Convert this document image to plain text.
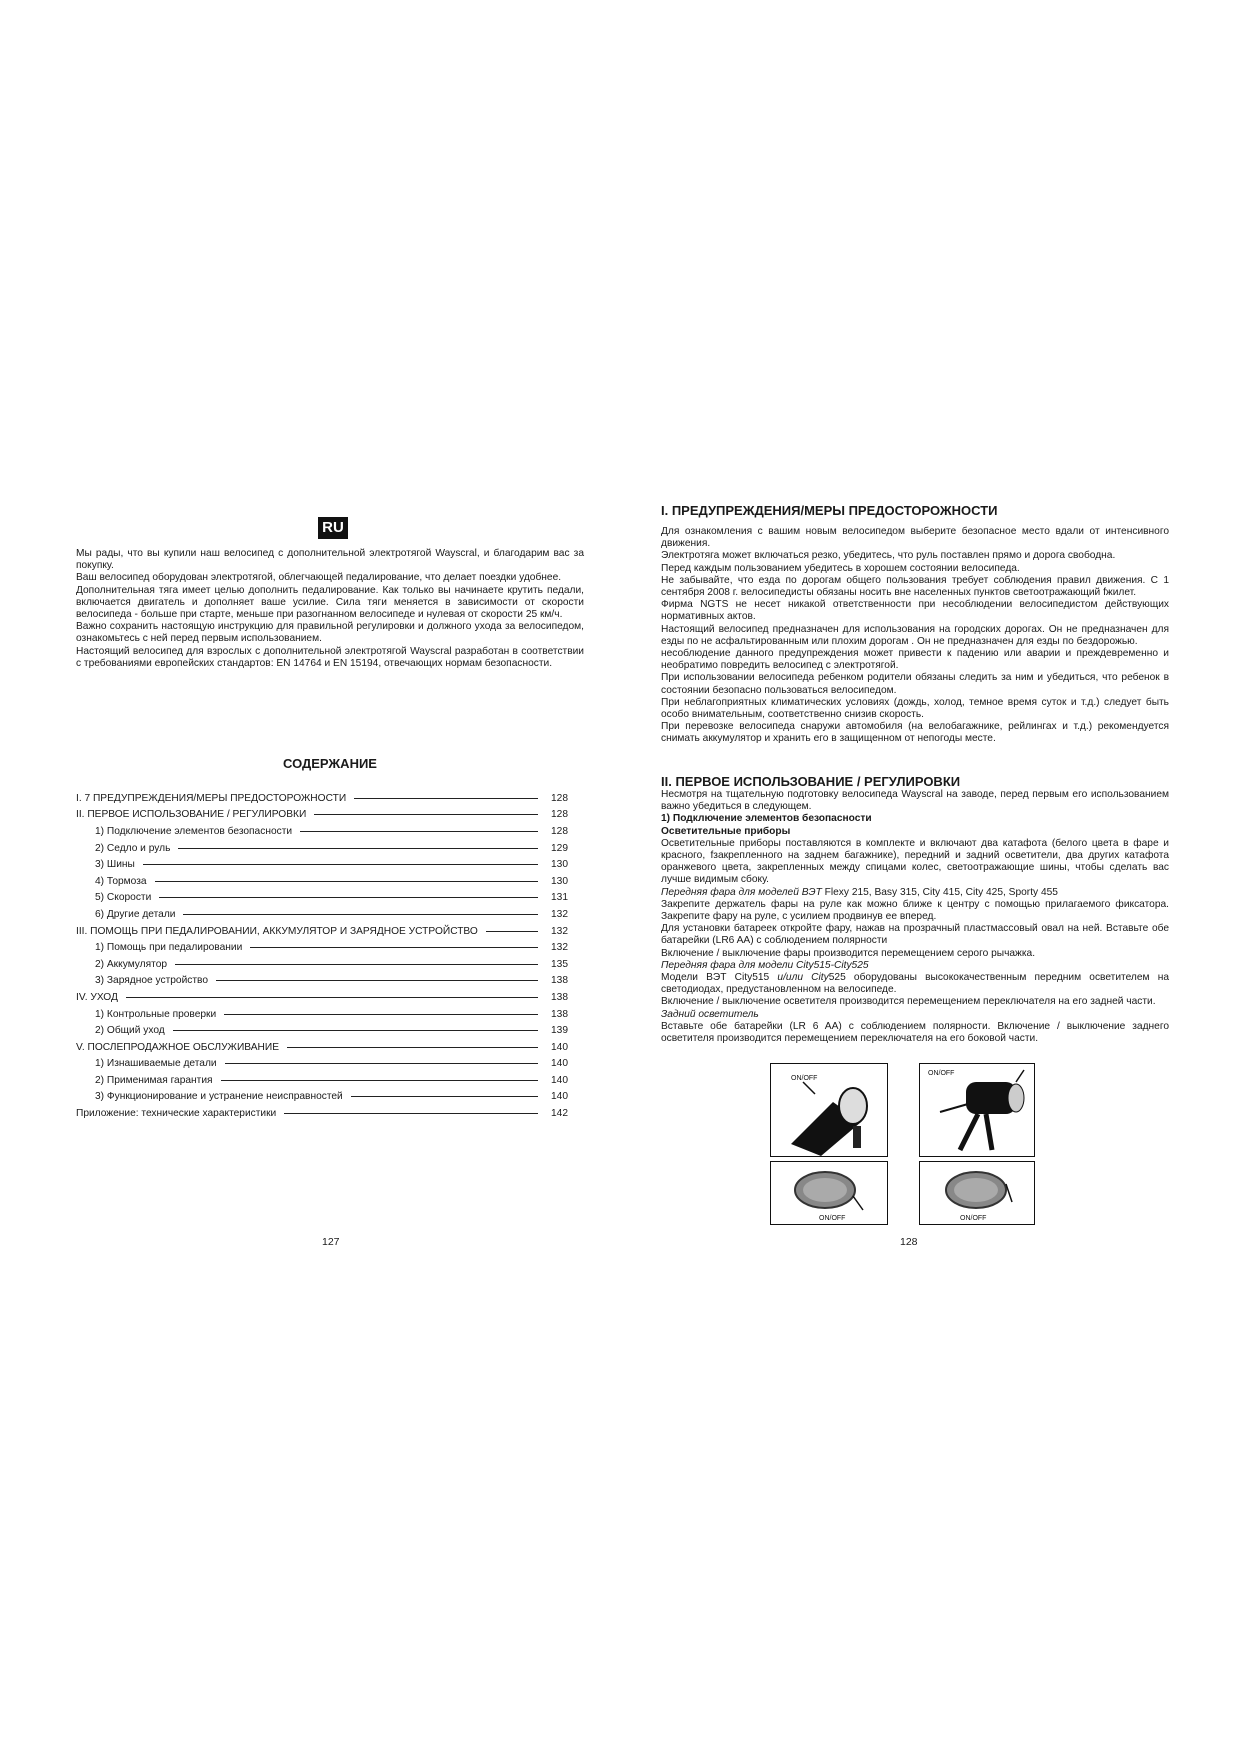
RU

Мы рады, что вы купили наш велосипед с дополнительной электротягой Wayscral, и благодарим вас за покупку.

Ваш велосипед оборудован электротягой, облегчающей педалирование, что делает поездки удобнее.

Дополнительная тяга имеет целью дополнить педалирование. Как только вы начинаете крутить педали, включается двигатель и дополняет ваше усилие. Сила тяги меняется в зависимости от скорости велосипеда - больше при старте, меньше при разогнанном велосипеде и нулевая от скорости 25 км/ч.

Важно сохранить настоящую инструкцию для правильной регулировки и должного ухода за велосипедом, ознакомьтесь с ней перед первым использованием.

Настоящий велосипед для взрослых с дополнительной электротягой Wayscral разработан в соответствии с требованиями европейских стандартов: EN 14764 и EN 15194, отвечающих нормам безопасности.

СОДЕРЖАНИЕ
I. 7 ПРЕДУПРЕЖДЕНИЯ/МЕРЫ ПРЕДОСТОРОЖНОСТИ	128
II. ПЕРВОЕ ИСПОЛЬЗОВАНИЕ / РЕГУЛИРОВКИ	128
1) Подключение элементов безопасности	128
2) Седло и руль	129
3) Шины	130
4) Тормоза	130
5) Скорости	131
6) Другие детали	132
III. ПОМОЩЬ ПРИ ПЕДАЛИРОВАНИИ, АККУМУЛЯТОР И ЗАРЯДНОЕ УСТРОЙСТВО	132
1) Помощь при педалировании	132
2) Аккумулятор	135
3) Зарядное устройство	138
IV. УХОД	138
1) Контрольные проверки	138
2) Общий уход	139
V. ПОСЛЕПРОДАЖНОЕ ОБСЛУЖИВАНИЕ	140
1) Изнашиваемые детали	140
2) Применимая гарантия	140
3) Функционирование и устранение неисправностей	140
Приложение: технические характеристики	142
127
I. ПРЕДУПРЕЖДЕНИЯ/МЕРЫ ПРЕДОСТОРОЖНОСТИ

Для ознакомления с вашим новым велосипедом выберите безопасное место вдали от интенсивного движения.

Электротяга может включаться резко, убедитесь, что руль поставлен прямо и дорога свободна.

Перед каждым пользованием убедитесь в хорошем состоянии велосипеда.

Не забывайте, что езда по дорогам общего пользования требует соблюдения правил движения. С 1 сентября 2008 г. велосипедисты обязаны носить вне населенных пунктов светоотражающий fжилет.

Фирма NGTS не несет никакой ответственности при несоблюдении велосипедистом действующих нормативных актов.

Настоящий велосипед предназначен для использования на городских дорогах. Он не предназначен для езды по не асфальтированным или плохим дорогам . Он не предназначен для езды по бездорожью.

несоблюдение данного предупреждения может привести к падению или аварии и преждевременно и необратимо повредить велосипед с электротягой.

При использовании велосипеда ребенком родители обязаны следить за ним и убедиться, что ребенок в состоянии безопасно пользоваться велосипедом.

При неблагоприятных климатических условиях (дождь, холод, темное время суток и т.д.) следует быть особо внимательным, соответственно снизив скорость.

При перевозке велосипеда снаружи автомобиля (на велобагажнике, рейлингах и т.д.) рекомендуется снимать аккумулятор и хранить его в защищенном от непогоды месте.

II. ПЕРВОЕ ИСПОЛЬЗОВАНИЕ / РЕГУЛИРОВКИ

Несмотря на тщательную подготовку велосипеда Wayscral на заводе, перед первым его использованием важно убедиться в следующем.

1) Подключение элементов безопасности

Осветительные приборы

Осветительные приборы поставляются в комплекте и включают два катафота (белого цвета в фаре и красного, fзакрепленного на заднем багажнике), передний и задний осветители, два других катафота оранжевого цвета, закрепленных между спицами колес, светоотражающие шины, чтобы сделать вас лучше видимым сбоку.

Передняя фара для моделей ВЭТ Flexy 215, Basy 315, City 415, City 425, Sporty 455

Закрепите держатель фары на руле как можно ближе к центру с помощью прилагаемого фиксатора. Закрепите фару на руле, с усилием продвинув ее вперед.

Для установки батареек откройте фару, нажав на прозрачный пластмассовый овал на ней. Вставьте обе батарейки (LR6 AA) с соблюдением полярности

Включение / выключение фары производится перемещением серого рычажка.

Передняя фара для модели City515-City525

Модели ВЭТ City515 и/или City525 оборудованы высококачественным передним осветителем на светодиодах, предустановленном на велосипеде.

Включение / выключение осветителя производится перемещением переключателя на его задней части.

Задний осветитель

Вставьте обе батарейки (LR 6 AA) с соблюдением полярности. Включение / выключение заднего осветителя производится перемещением переключателя на его боковой части.

ON/OFF
ON/OFF
ON/OFF	ON/OFF
128
